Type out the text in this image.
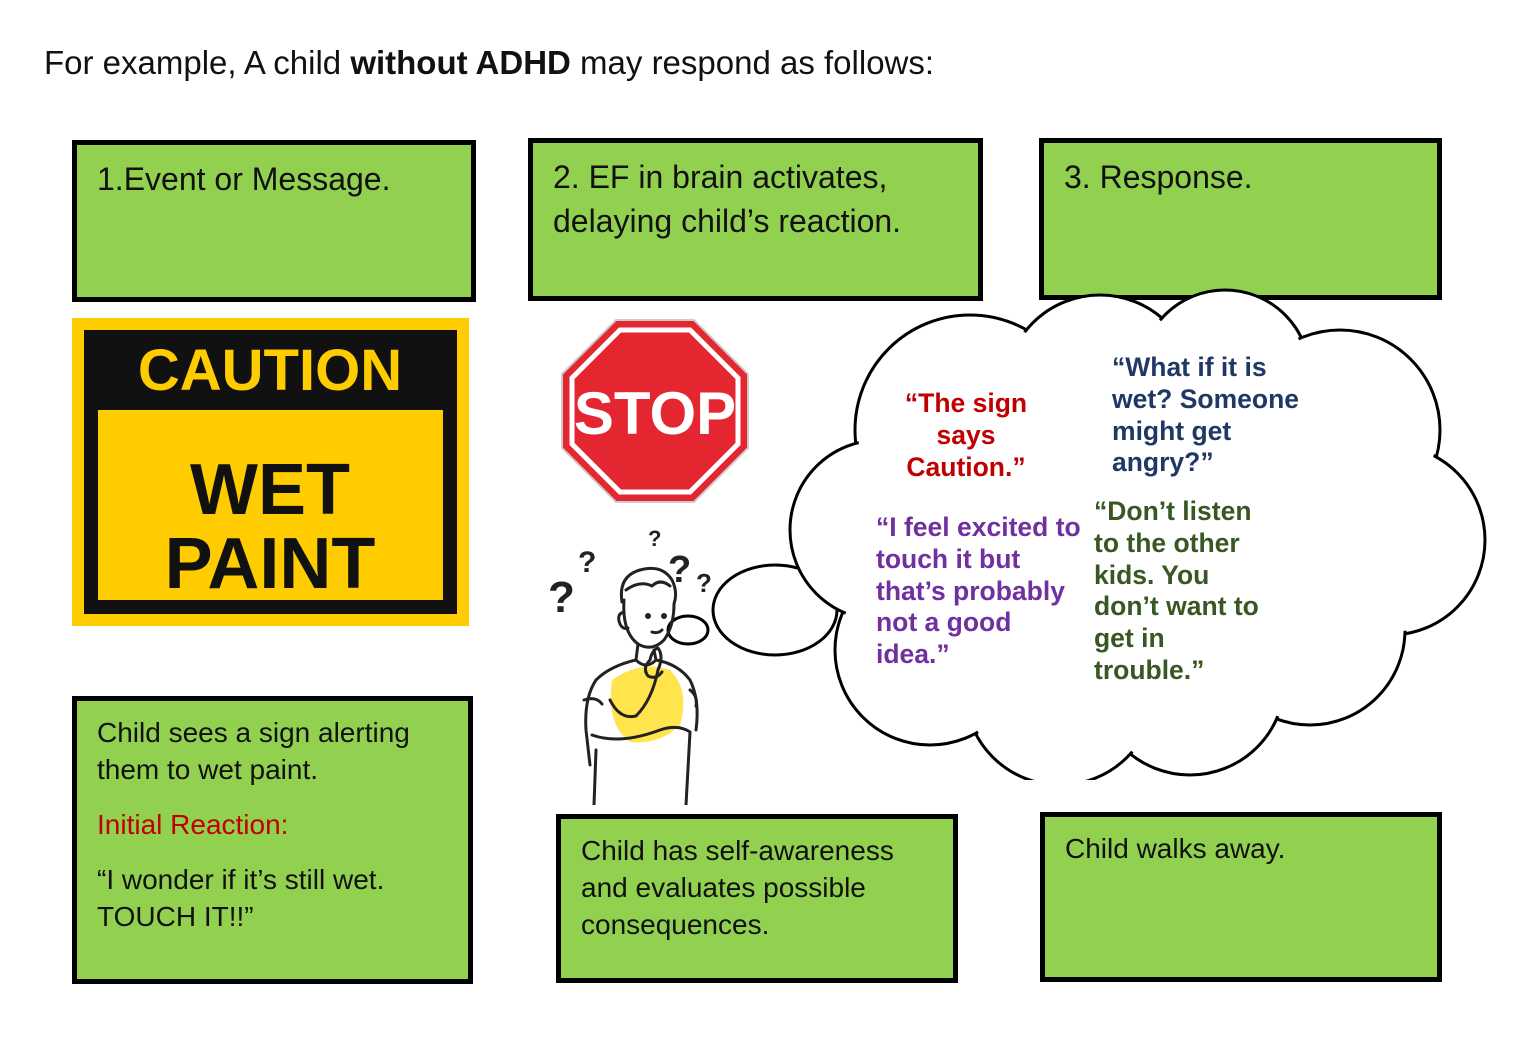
For example, A child without ADHD may respond as follows:
1.Event or Message.	2. EF in brain activates, delaying child’s reaction.
3. Response.
CAUTION
WET
PAINT
STOP	“The sign says Caution.”
“What if it is wet? Someone might get angry?”
“I feel excited to touch it but that’s probably not a good idea.”
“Don’t listen to the other kids. You don’t want to get in trouble.”
?
?
?
? ?
Child sees a sign alerting them to wet paint.
Initial Reaction:
“I wonder if it’s still wet. TOUCH IT!!”
Child has self-awareness and evaluates possible consequences.
Child walks away.
